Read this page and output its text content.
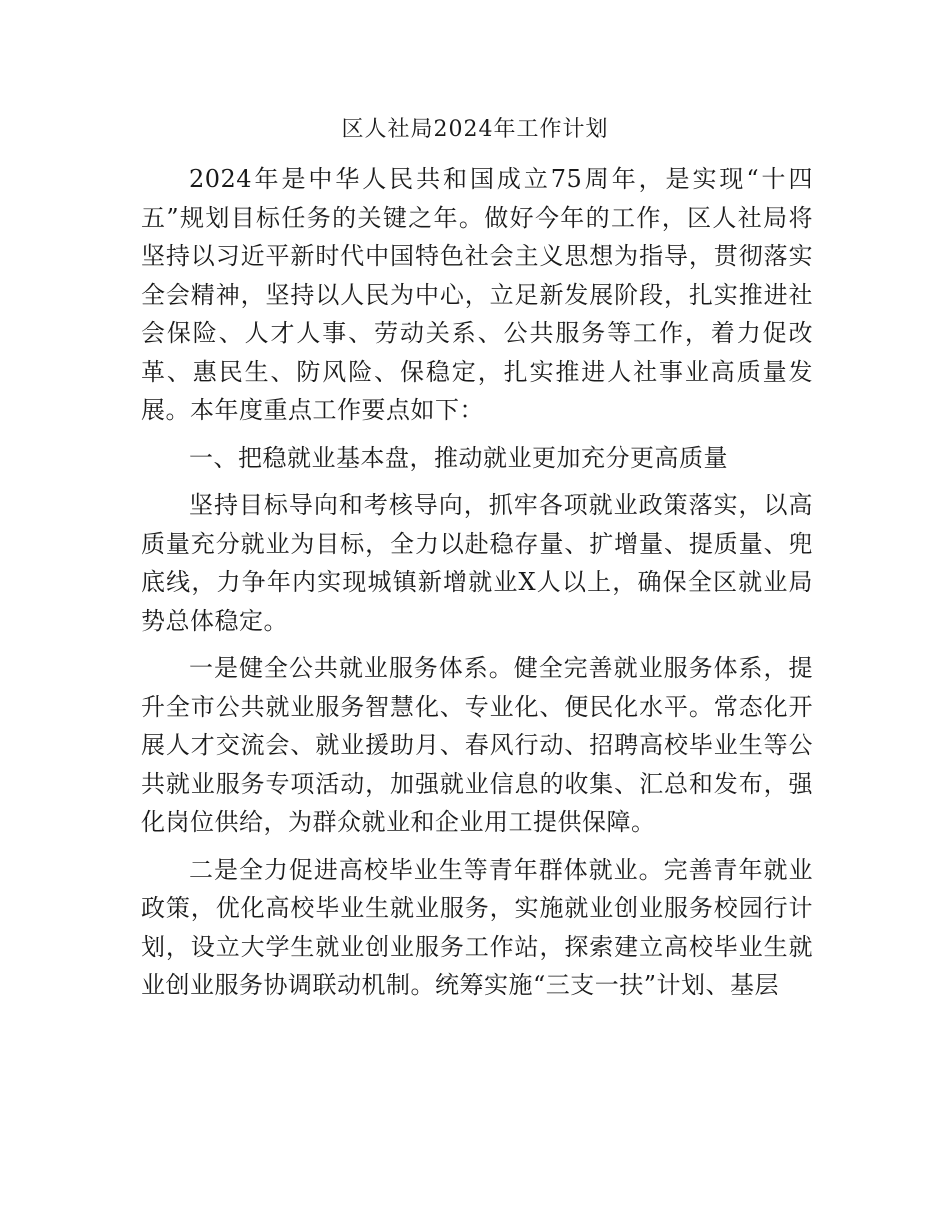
区人社局2024年工作计划

2024年是中华人民共和国成立75周年，是实现“十四五”规划目标任务的关键之年。做好今年的工作，区人社局将坚持以习近平新时代中国特色社会主义思想为指导，贯彻落实全会精神，坚持以人民为中心，立足新发展阶段，扎实推进社会保险、人才人事、劳动关系、公共服务等工作，着力促改革、惠民生、防风险、保稳定，扎实推进人社事业高质量发展。本年度重点工作要点如下：

一、把稳就业基本盘，推动就业更加充分更高质量

坚持目标导向和考核导向，抓牢各项就业政策落实，以高质量充分就业为目标，全力以赴稳存量、扩增量、提质量、兜底线，力争年内实现城镇新增就业X人以上，确保全区就业局势总体稳定。

一是健全公共就业服务体系。健全完善就业服务体系，提升全市公共就业服务智慧化、专业化、便民化水平。常态化开展人才交流会、就业援助月、春风行动、招聘高校毕业生等公共就业服务专项活动，加强就业信息的收集、汇总和发布，强化岗位供给，为群众就业和企业用工提供保障。

二是全力促进高校毕业生等青年群体就业。完善青年就业政策，优化高校毕业生就业服务，实施就业创业服务校园行计划，设立大学生就业创业服务工作站，探索建立高校毕业生就业创业服务协调联动机制。统筹实施“三支一扶”计划、基层
